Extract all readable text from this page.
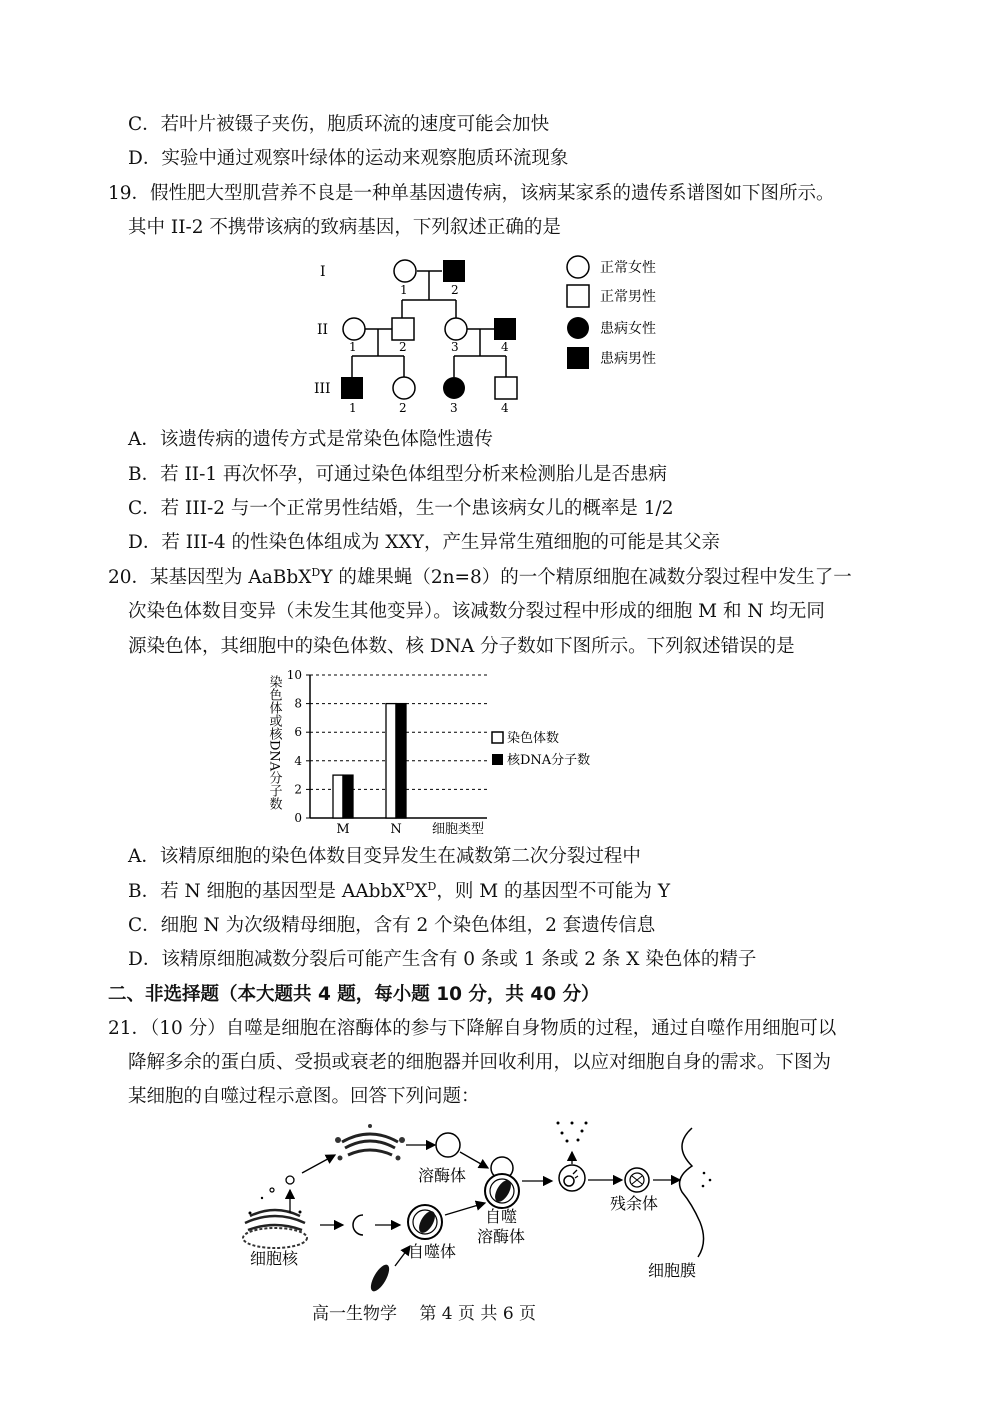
C．若叶片被镊子夹伤，胞质环流的速度可能会加快
D．实验中通过观察叶绿体的运动来观察胞质环流现象
19．假性肥大型肌营养不良是一种单基因遗传病，该病某家系的遗传系谱图如下图所示。
其中 II-2 不携带该病的致病基因，下列叙述正确的是
I
II
III
1	2
1	2	3	4
1	2	3	4
正常女性
正常男性
患病女性
患病男性
A．该遗传病的遗传方式是常染色体隐性遗传
B．若 II-1 再次怀孕，可通过染色体组型分析来检测胎儿是否患病
C．若 III-2 与一个正常男性结婚，生一个患该病女儿的概率是 1/2
D．若 III-4 的性染色体组成为 XXY，产生异常生殖细胞的可能是其父亲
20．某基因型为 AaBbX$^D$Y 的雄果蝇（2n=8）的一个精原细胞在减数分裂过程中发生了一
次染色体数目变异（未发生其他变异）。该减数分裂过程中形成的细胞 M 和 N 均无同
源染色体，其细胞中的染色体数、核 DNA 分子数如下图所示。下列叙述错误的是
0
2
4
6
8
10
M	N
染色体或核DNA分子数
细胞类型
染色体数
核DNA分子数
A．该精原细胞的染色体数目变异发生在减数第二次分裂过程中
B．若 N 细胞的基因型是 $AAbbX^DX^D$，则 M 的基因型不可能为 Y
C．细胞 N 为次级精母细胞，含有 2 个染色体组，2 套遗传信息
D．该精原细胞减数分裂后可能产生含有 0 条或 1 条或 2 条 X 染色体的精子
二、非选择题（本大题共 4 题，每小题 10 分，共 40 分）
21．（10 分）自噬是细胞在溶酶体的参与下降解自身物质的过程，通过自噬作用细胞可以
降解多余的蛋白质、受损或衰老的细胞器并回收利用，以应对细胞自身的需求。下图为
某细胞的自噬过程示意图。回答下列问题：
溶酶体
自噬体
自噬
溶酶体
残余体
细胞膜
细胞核
高一生物学　 第 4 页 共 6 页
